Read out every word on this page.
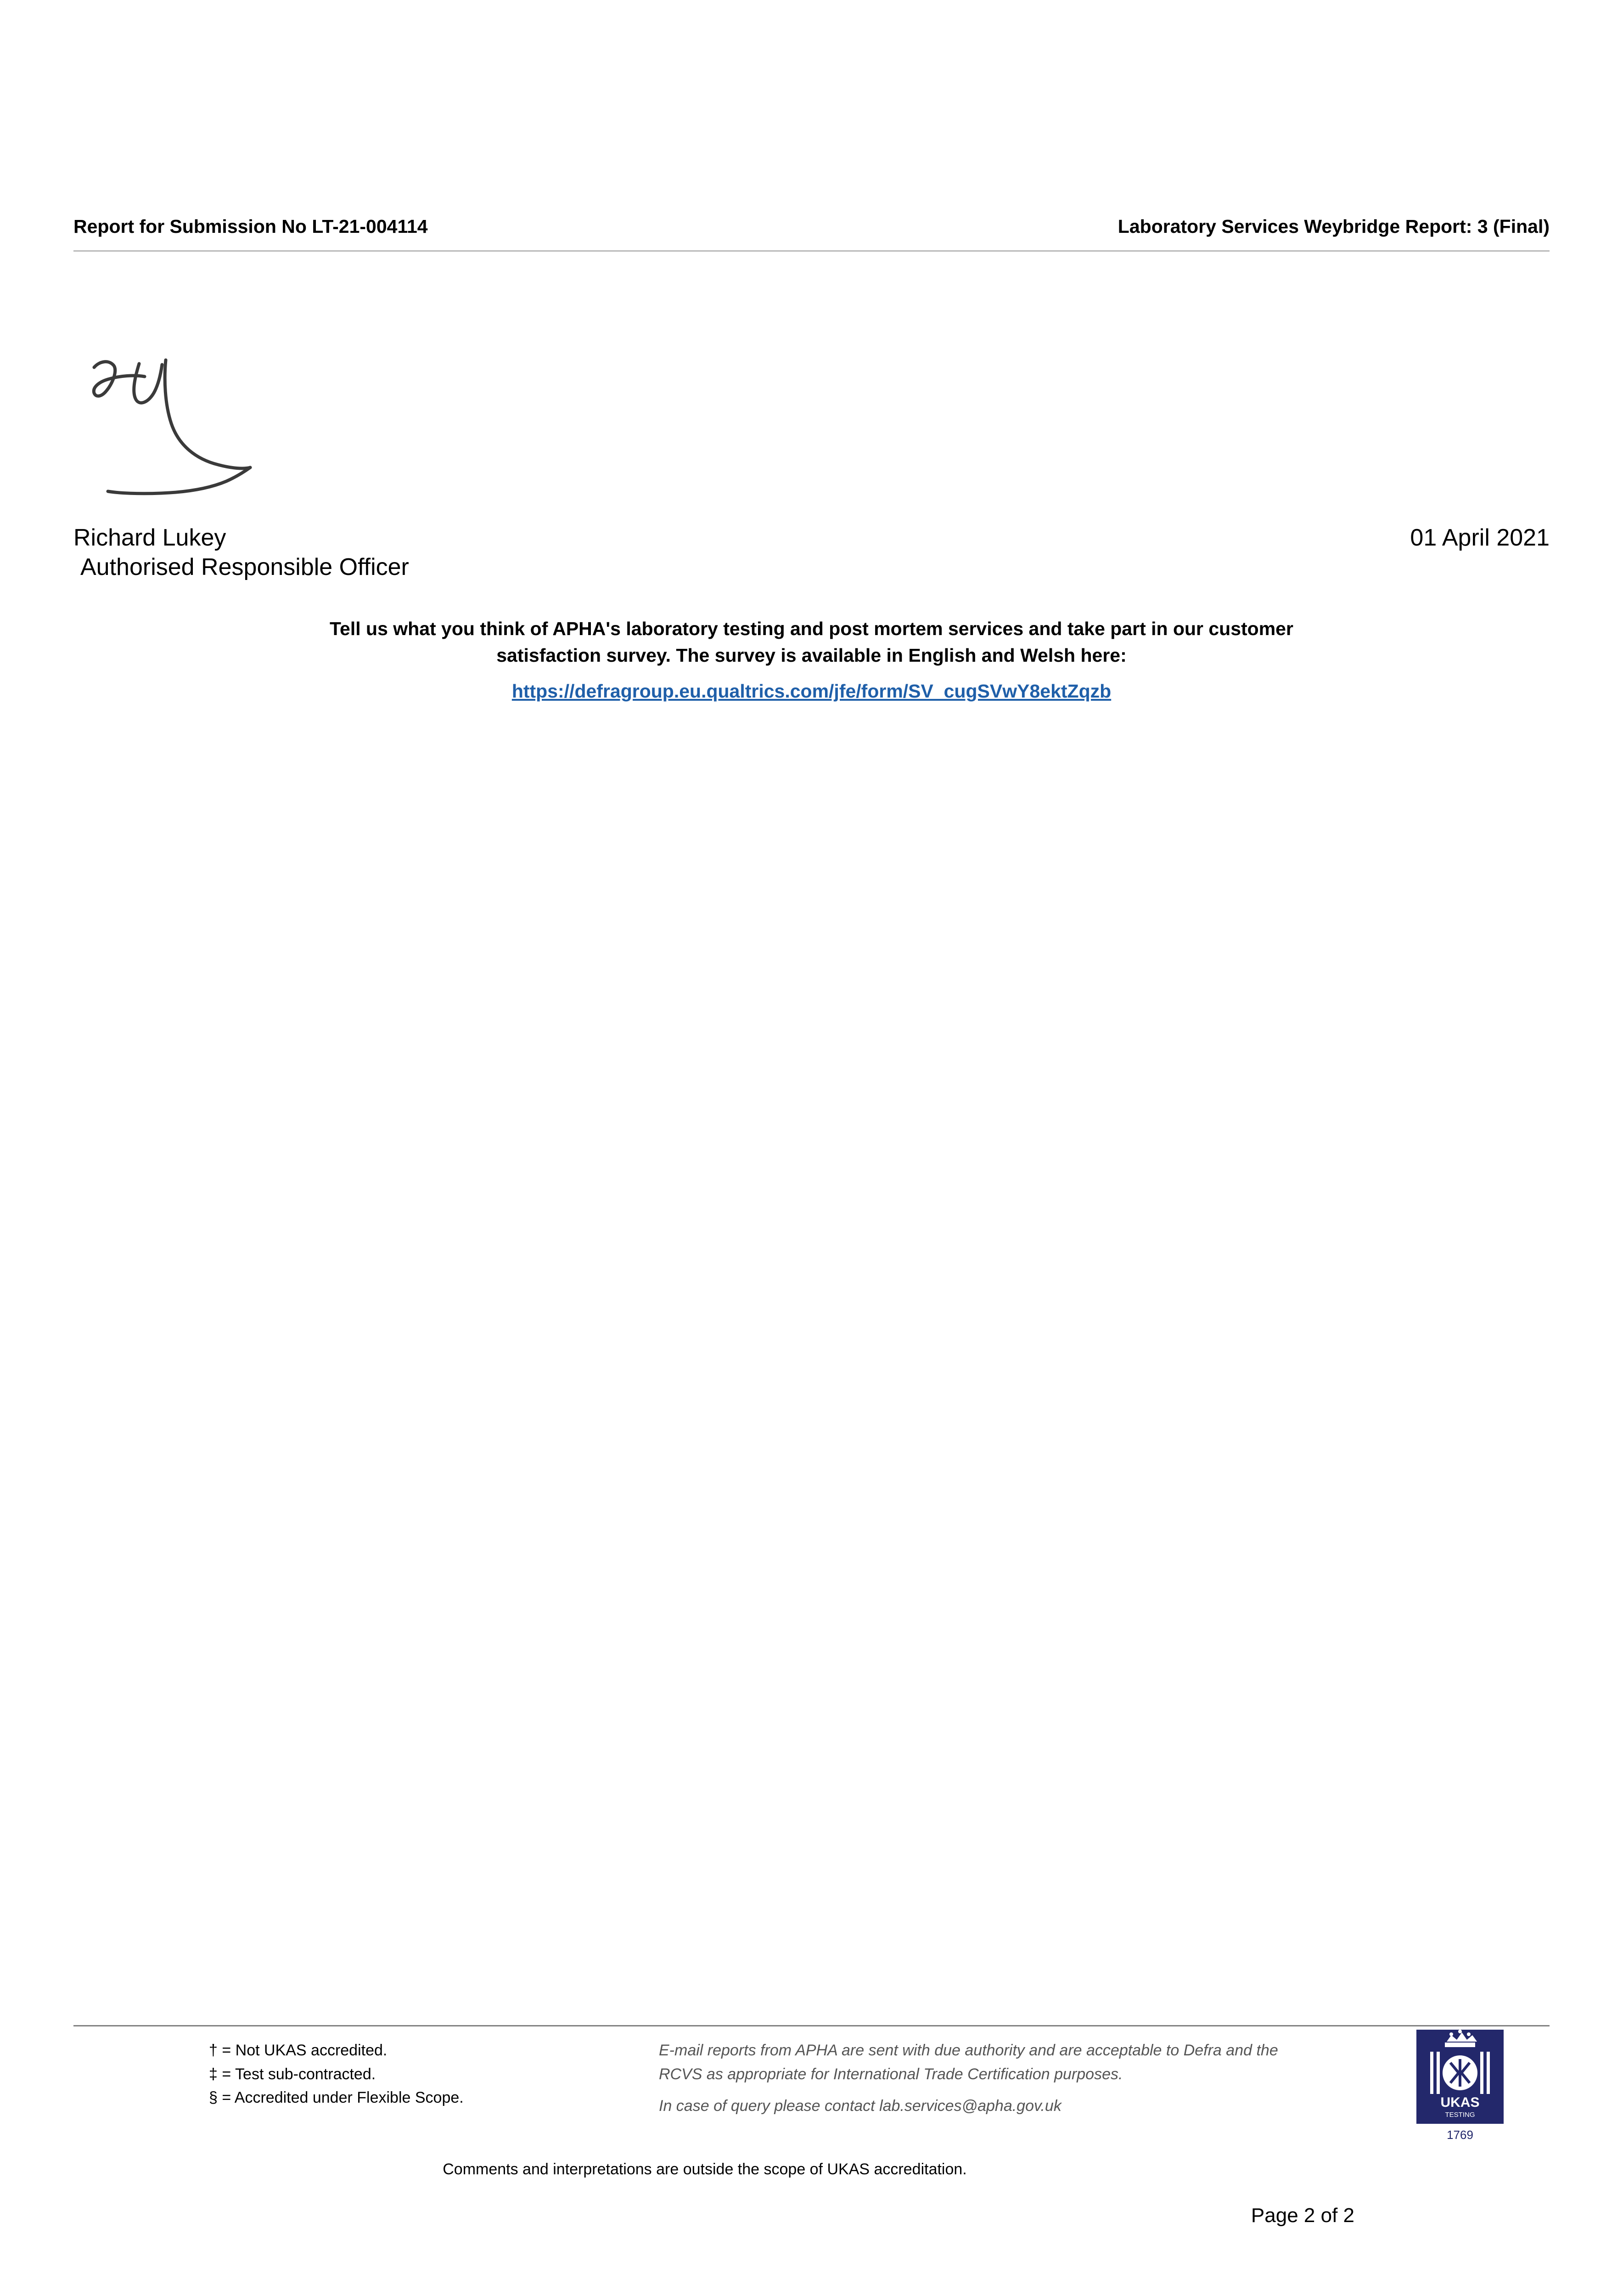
Report for Submission No LT-21-004114	Laboratory Services Weybridge Report: 3 (Final)
Richard Lukey	01 April 2021
Authorised Responsible Officer
Tell us what you think of APHA's laboratory testing and post mortem services and take part in our customer
satisfaction survey. The survey is available in English and Welsh here:
https://defragroup.eu.qualtrics.com/jfe/form/SV_cugSVwY8ektZqzb
† = Not UKAS accredited.
‡ = Test sub-contracted.
§ = Accredited under Flexible Scope.
E-mail reports from APHA are sent with due authority and are acceptable to Defra and the RCVS as appropriate for International Trade Certification purposes.
In case of query please contact lab.services@apha.gov.uk
Comments and interpretations are outside the scope of UKAS accreditation.
Page 2 of 2
UKAS
TESTING
1769
